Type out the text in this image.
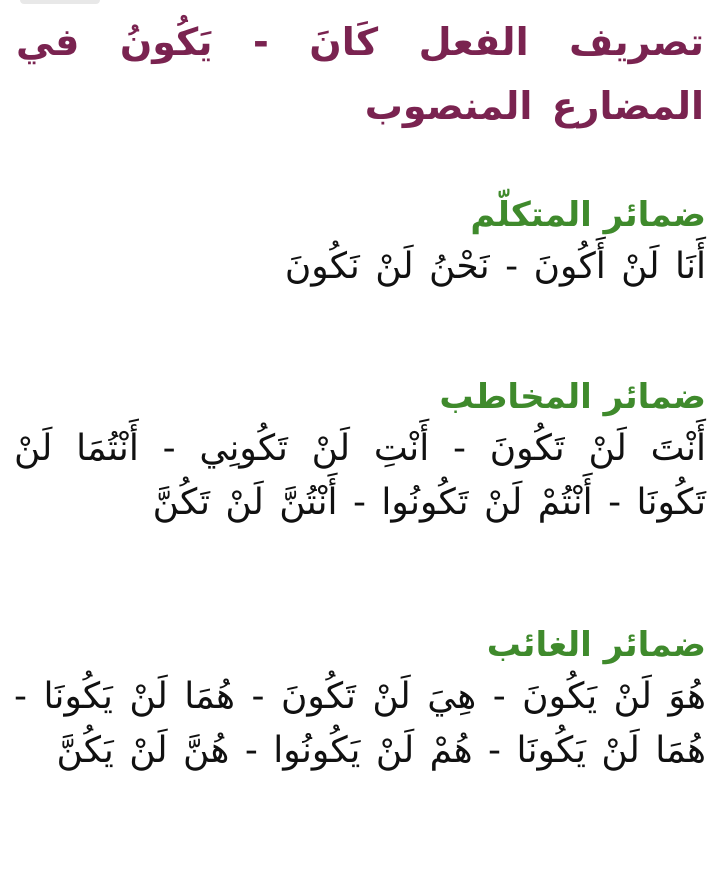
تصريف الفعل كَانَ - يَكُونُ في المضارع المنصوب
ضمائر المتكلّم

أَنَا لَنْ أَكُونَ - نَحْنُ لَنْ نَكُونَ

ضمائر المخاطب

أَنْتَ لَنْ تَكُونَ - أَنْتِ لَنْ تَكُونِي - أَنْتُمَا لَنْ تَكُونَا - أَنْتُمْ لَنْ تَكُونُوا - أَنْتُنَّ لَنْ تَكُنَّ

ضمائر الغائب

هُوَ لَنْ يَكُونَ - هِيَ لَنْ تَكُونَ - هُمَا لَنْ يَكُونَا - هُمَا لَنْ يَكُونَا - هُمْ لَنْ يَكُونُوا - هُنَّ لَنْ يَكُنَّ
